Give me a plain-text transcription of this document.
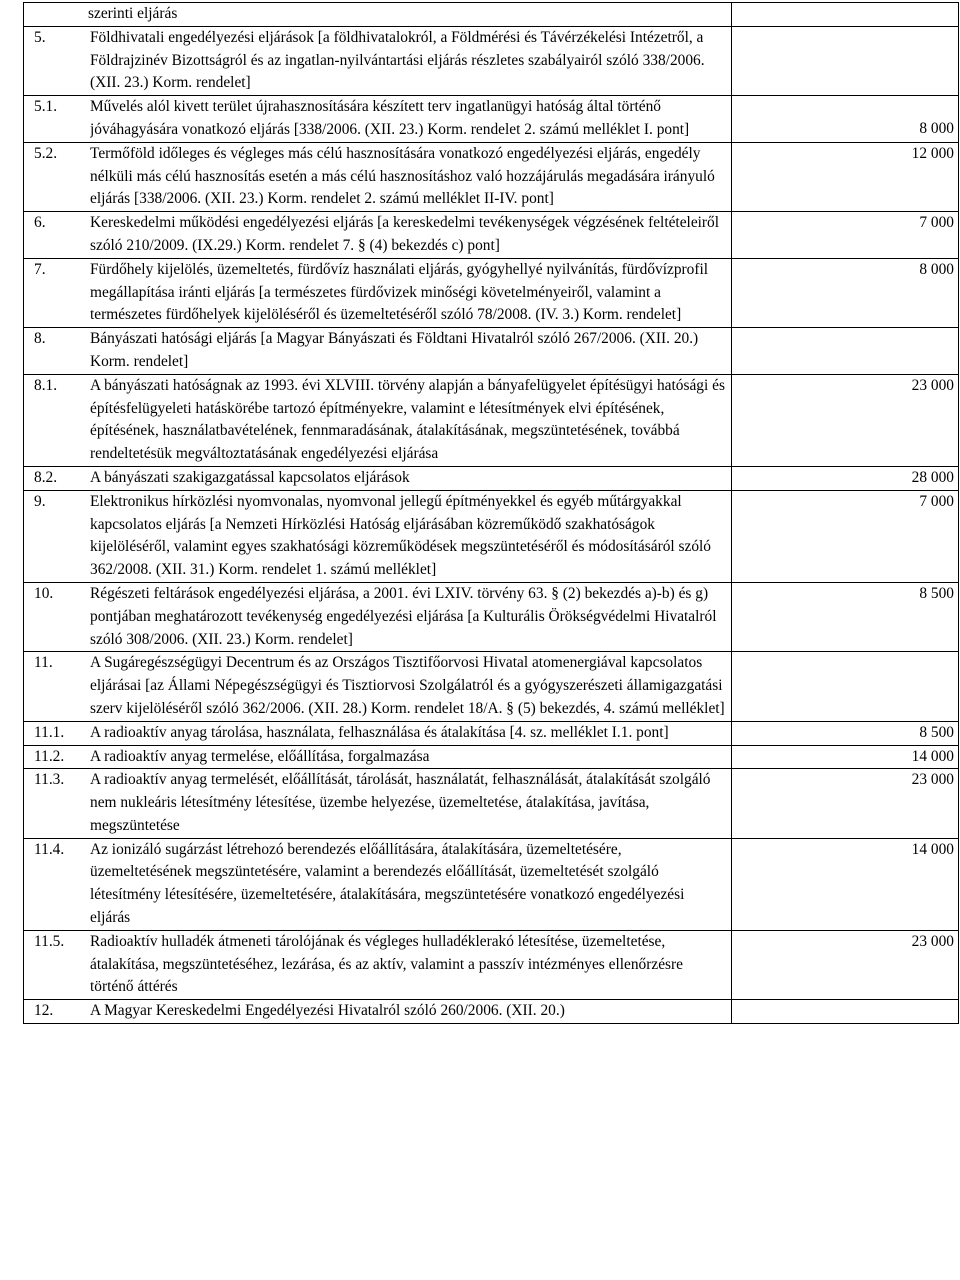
szerinti eljárás	

5. Földhivatali engedélyezési eljárások [a földhivatalokról, a Földmérési és Távérzékelési Intézetről, a Földrajzinév Bizottságról és az ingatlan-nyilvántartási eljárás részletes szabályairól szóló 338/2006. (XII. 23.) Korm. rendelet]	

5.1. Művelés alól kivett terület újrahasznosítására készített terv ingatlanügyi hatóság által történő jóváhagyására vonatkozó eljárás [338/2006. (XII. 23.) Korm. rendelet 2. számú melléklet I. pont]	8 000

5.2. Termőföld időleges és végleges más célú hasznosítására vonatkozó engedélyezési eljárás, engedély nélküli más célú hasznosítás esetén a más célú hasznosításhoz való hozzájárulás megadására irányuló eljárás [338/2006. (XII. 23.) Korm. rendelet 2. számú melléklet II-IV. pont]	12 000

6. Kereskedelmi működési engedélyezési eljárás [a kereskedelmi tevékenységek végzésének feltételeiről szóló 210/2009. (IX.29.) Korm. rendelet 7. § (4) bekezdés c) pont]	7 000

7. Fürdőhely kijelölés, üzemeltetés, fürdővíz használati eljárás, gyógyhellyé nyilvánítás, fürdővízprofil megállapítása iránti eljárás [a természetes fürdővizek minőségi követelményeiről, valamint a természetes fürdőhelyek kijelöléséről és üzemeltetéséről szóló 78/2008. (IV. 3.) Korm. rendelet]	8 000

8. Bányászati hatósági eljárás [a Magyar Bányászati és Földtani Hivatalról szóló 267/2006. (XII. 20.) Korm. rendelet]	

8.1. A bányászati hatóságnak az 1993. évi XLVIII. törvény alapján a bányafelügyelet építésügyi hatósági és építésfelügyeleti hatáskörébe tartozó építményekre, valamint e létesítmények elvi építésének, építésének, használatbavételének, fennmaradásának, átalakításának, megszüntetésének, továbbá rendeltetésük megváltoztatásának engedélyezési eljárása	23 000

8.2. A bányászati szakigazgatással kapcsolatos eljárások	28 000

9. Elektronikus hírközlési nyomvonalas, nyomvonal jellegű építményekkel és egyéb műtárgyakkal kapcsolatos eljárás [a Nemzeti Hírközlési Hatóság eljárásában közreműködő szakhatóságok kijelöléséről, valamint egyes szakhatósági közreműködések megszüntetéséről és módosításáról szóló 362/2008. (XII. 31.) Korm. rendelet 1. számú melléklet]	7 000

10. Régészeti feltárások engedélyezési eljárása, a 2001. évi LXIV. törvény 63. § (2) bekezdés a)-b) és g) pontjában meghatározott tevékenység engedélyezési eljárása [a Kulturális Örökségvédelmi Hivatalról szóló 308/2006. (XII. 23.) Korm. rendelet]	8 500

11. A Sugáregészségügyi Decentrum és az Országos Tisztifőorvosi Hivatal atomenergiával kapcsolatos eljárásai [az Állami Népegészségügyi és Tisztiorvosi Szolgálatról és a gyógyszerészeti államigazgatási szerv kijelöléséről szóló 362/2006. (XII. 28.) Korm. rendelet 18/A. § (5) bekezdés, 4. számú melléklet]	

11.1. A radioaktív anyag tárolása, használata, felhasználása és átalakítása [4. sz. melléklet I.1. pont]	8 500

11.2. A radioaktív anyag termelése, előállítása, forgalmazása	14 000

11.3. A radioaktív anyag termelését, előállítását, tárolását, használatát, felhasználását, átalakítását szolgáló nem nukleáris létesítmény létesítése, üzembe helyezése, üzemeltetése, átalakítása, javítása, megszüntetése	23 000

11.4. Az ionizáló sugárzást létrehozó berendezés előállítására, átalakítására, üzemeltetésére, üzemeltetésének megszüntetésére, valamint a berendezés előállítását, üzemeltetését szolgáló létesítmény létesítésére, üzemeltetésére, átalakítására, megszüntetésére vonatkozó engedélyezési eljárás	14 000

11.5. Radioaktív hulladék átmeneti tárolójának és végleges hulladéklerakó létesítése, üzemeltetése, átalakítása, megszüntetéséhez, lezárása, és az aktív, valamint a passzív intézményes ellenőrzésre történő áttérés	23 000

12. A Magyar Kereskedelmi Engedélyezési Hivatalról szóló 260/2006. (XII. 20.)	
